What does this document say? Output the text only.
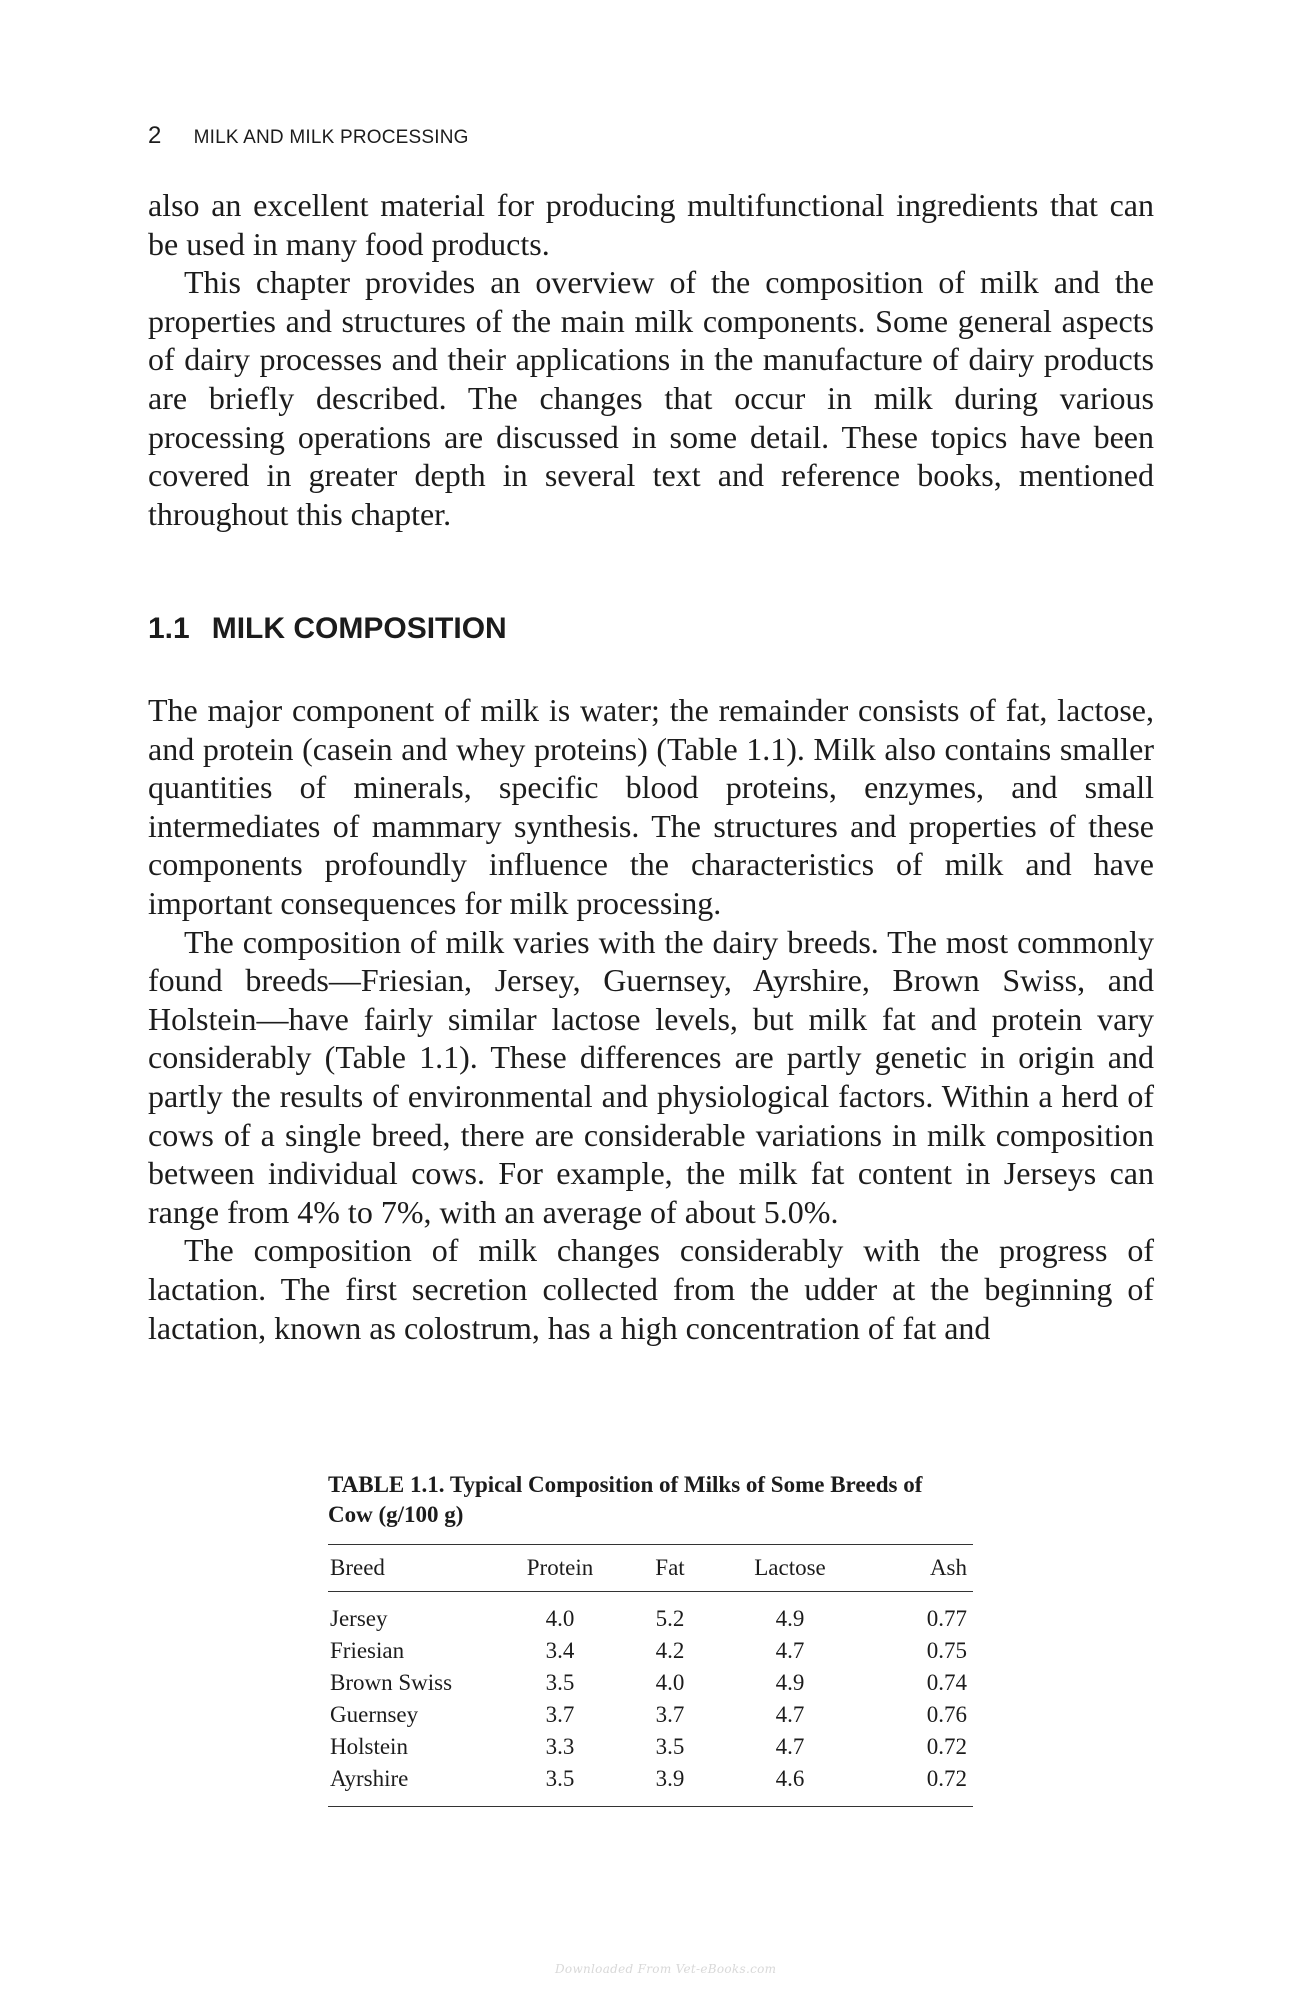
2 MILK AND MILK PROCESSING

also an excellent material for producing multifunctional ingredients that can be used in many food products.

This chapter provides an overview of the composition of milk and the properties and structures of the main milk components. Some general aspects of dairy processes and their applications in the manufacture of dairy products are briefly described. The changes that occur in milk during various processing operations are discussed in some detail. These topics have been covered in greater depth in several text and reference books, mentioned throughout this chapter.

1.1 MILK COMPOSITION

The major component of milk is water; the remainder consists of fat, lactose, and protein (casein and whey proteins) (Table 1.1). Milk also contains smaller quantities of minerals, specific blood proteins, enzymes, and small intermediates of mammary synthesis. The structures and properties of these components profoundly influence the characteristics of milk and have important consequences for milk processing.

The composition of milk varies with the dairy breeds. The most commonly found breeds—Friesian, Jersey, Guernsey, Ayrshire, Brown Swiss, and Holstein—have fairly similar lactose levels, but milk fat and protein vary considerably (Table 1.1). These differences are partly genetic in origin and partly the results of environmental and physiological factors. Within a herd of cows of a single breed, there are considerable variations in milk composition between individual cows. For example, the milk fat content in Jerseys can range from 4% to 7%, with an average of about 5.0%.

The composition of milk changes considerably with the progress of lactation. The first secretion collected from the udder at the beginning of lactation, known as colostrum, has a high concentration of fat and

TABLE 1.1. Typical Composition of Milks of Some Breeds of Cow (g/100 g)
Breed	Protein	Fat	Lactose	Ash
Jersey	4.0	5.2	4.9	0.77
Friesian	3.4	4.2	4.7	0.75
Brown Swiss	3.5	4.0	4.9	0.74
Guernsey	3.7	3.7	4.7	0.76
Holstein	3.3	3.5	4.7	0.72
Ayrshire	3.5	3.9	4.6	0.72
Downloaded From Vet-eBooks.com
